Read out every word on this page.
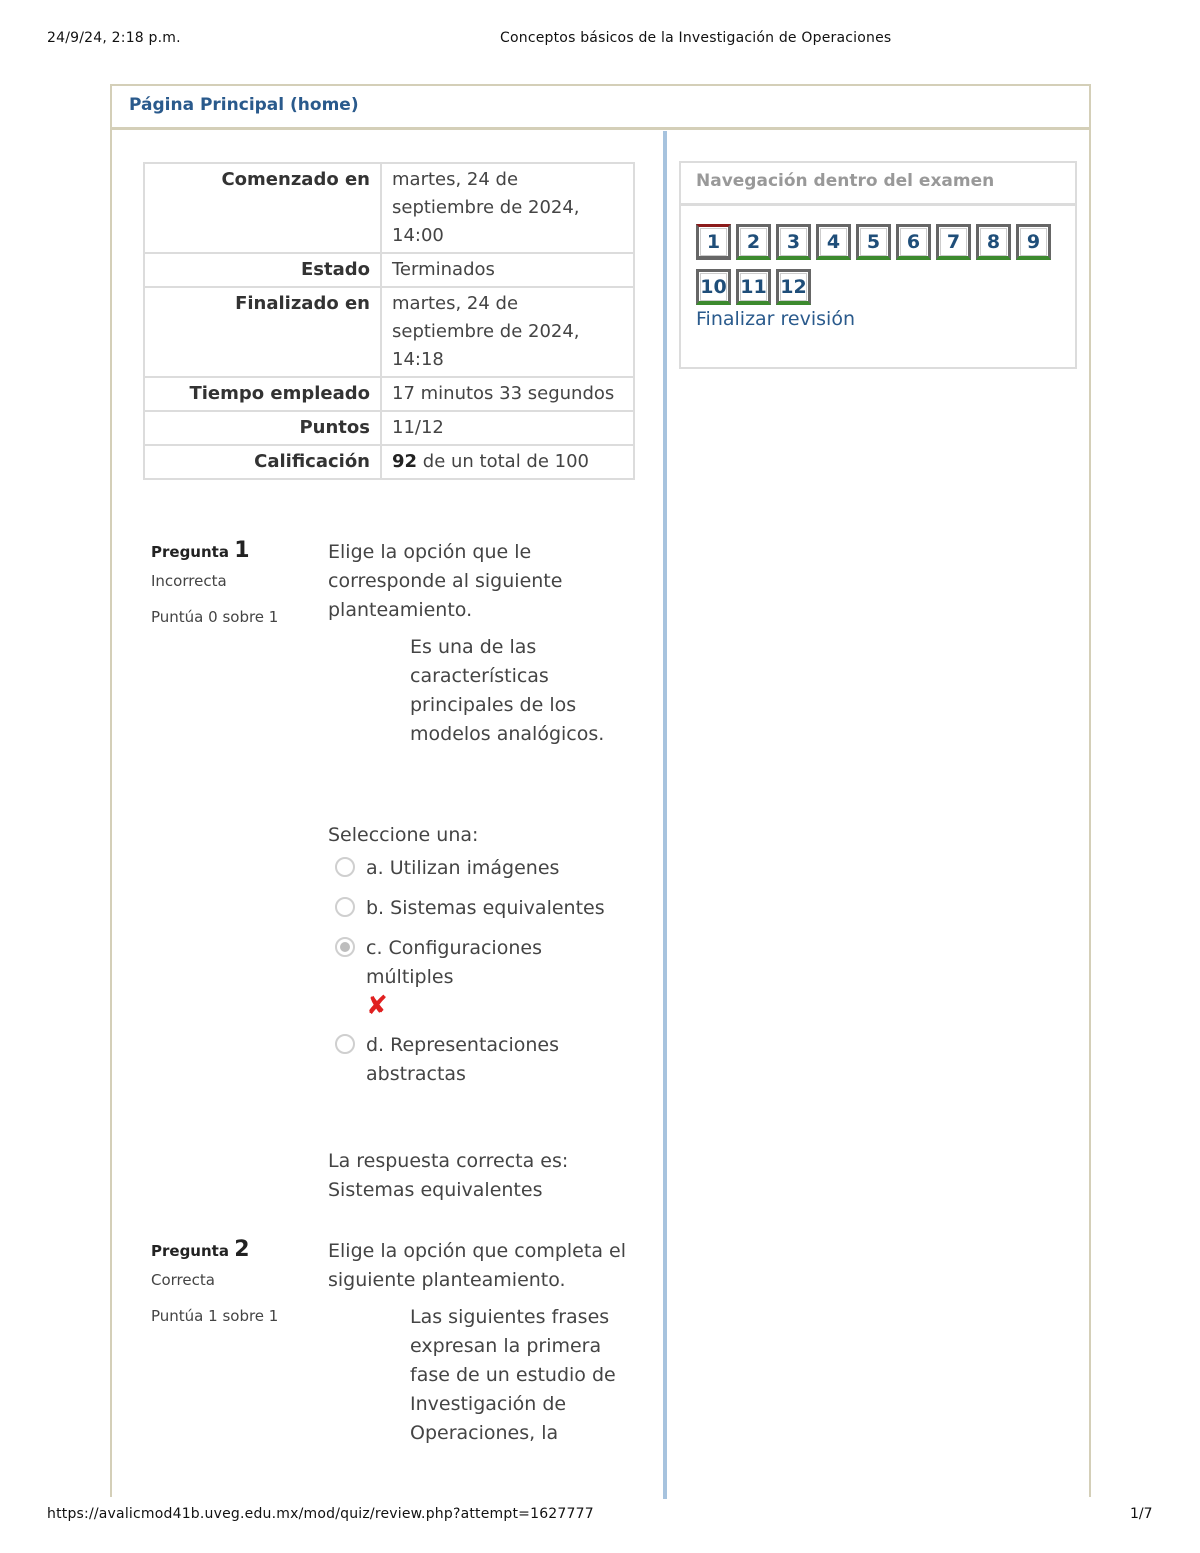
24/9/24, 2:18 p.m.	Conceptos básicos de la Investigación de Operaciones
Página Principal (home)
Comenzado en	martes, 24 de septiembre de 2024, 14:00
Estado	Terminados
Finalizado en	martes, 24 de septiembre de 2024, 14:18
Tiempo empleado	17 minutos 33 segundos
Puntos	11/12
Calificación	92 de un total de 100
Pregunta 1
Incorrecta
Puntúa 0 sobre 1
Elige la opción que le corresponde al siguiente planteamiento.
Es una de las características principales de los modelos analógicos.
Seleccione una:
a. Utilizan imágenes
b. Sistemas equivalentes
c. Configuraciones múltiples
✘
d. Representaciones abstractas
La respuesta correcta es: Sistemas equivalentes
Pregunta 2
Correcta
Puntúa 1 sobre 1
Elige la opción que completa el siguiente planteamiento.
Las siguientes frases expresan la primera fase de un estudio de Investigación de Operaciones, la
Navegación dentro del examen
1	2	3	4	5	6	7	8	9
10 11 12
Finalizar revisión
https://avalicmod41b.uveg.edu.mx/mod/quiz/review.php?attempt=1627777	1/7
